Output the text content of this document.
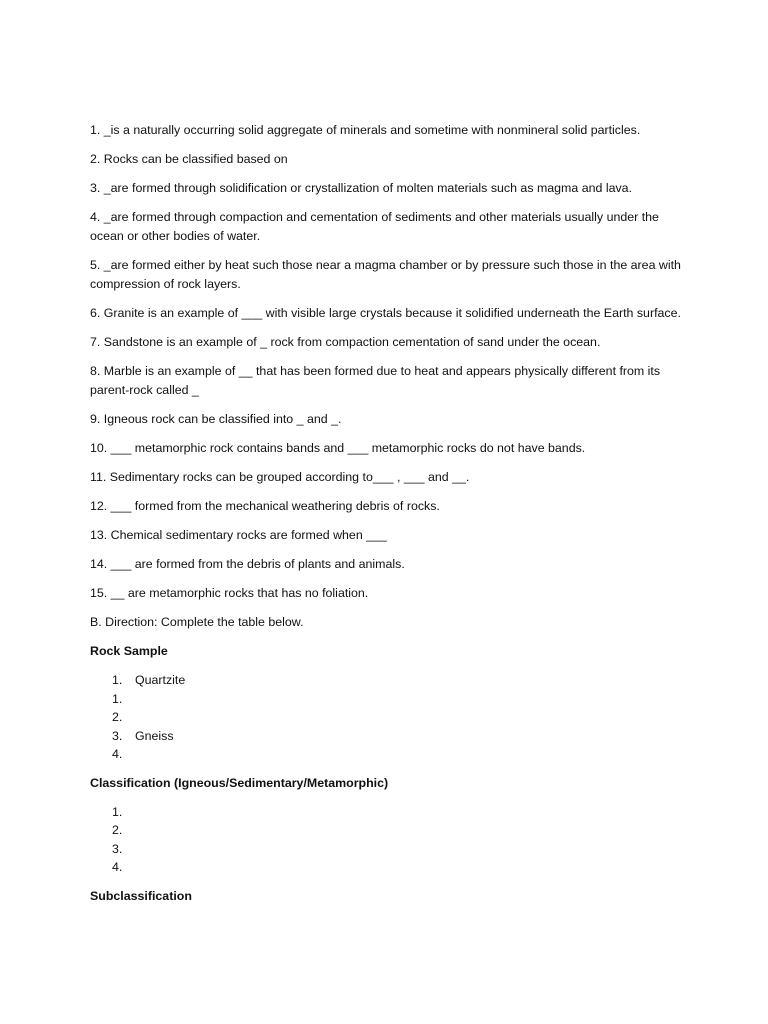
1. _is a naturally occurring solid aggregate of minerals and sometime with nonmineral solid particles.

2. Rocks can be classified based on

3. _are formed through solidification or crystallization of molten materials such as magma and lava.

4. _are formed through compaction and cementation of sediments and other materials usually under the ocean or other bodies of water.

5. _are formed either by heat such those near a magma chamber or by pressure such those in the area with compression of rock layers.

6. Granite is an example of ___ with visible large crystals because it solidified underneath the Earth surface.

7. Sandstone is an example of _ rock from compaction cementation of sand under the ocean.

8. Marble is an example of __ that has been formed due to heat and appears physically different from its parent-rock called _

9. Igneous rock can be classified into _ and _.

10. ___ metamorphic rock contains bands and ___ metamorphic rocks do not have bands.

11. Sedimentary rocks can be grouped according to___ , ___ and __.

12. ___ formed from the mechanical weathering debris of rocks.

13. Chemical sedimentary rocks are formed when ___

14. ___ are formed from the debris of plants and animals.

15. __ are metamorphic rocks that has no foliation.

B. Direction: Complete the table below.

Rock Sample

1.	Quartzite
1.
2.
3.	Gneiss
4.

Classification (Igneous/Sedimentary/Metamorphic)

1.
2.
3.
4.

Subclassification
